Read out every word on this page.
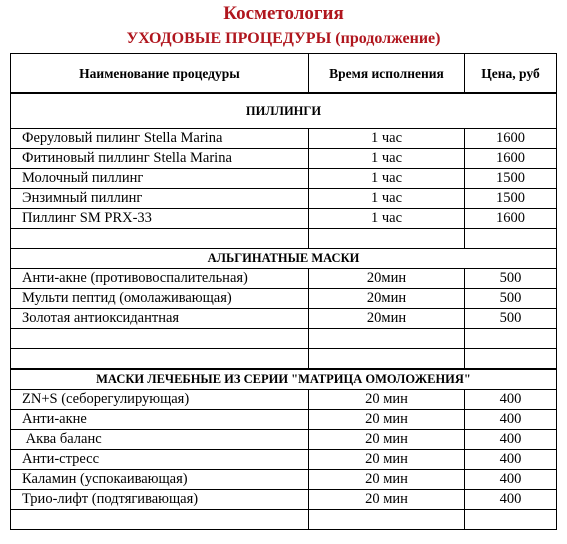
Косметология
УХОДОВЫЕ ПРОЦЕДУРЫ (продолжение)
Наименование процедуры	Время исполнения	Цена, руб
ПИЛЛИНГИ		
Феруловый пилинг Stella Marina	1 час	1600
Фитиновый пиллинг Stella Marina	1 час	1600
Молочный пиллинг	1 час	1500
Энзимный пиллинг	1 час	1500
Пиллинг SM PRX-33	1 час	1600

АЛЬГИНАТНЫЕ МАСКИ		
Анти-акне (противовоспалительная)	20мин	500
Мульти пептид (омолаживающая)	20мин	500
Золотая антиоксидантная	20мин	500

МАСКИ ЛЕЧЕБНЫЕ ИЗ СЕРИИ "МАТРИЦА ОМОЛОЖЕНИЯ"		
ZN+S (себорегулирующая)	20 мин	400
Анти-акне	20 мин	400
Аква баланс	20 мин	400
Анти-стресс	20 мин	400
Каламин (успокаивающая)	20 мин	400
Трио-лифт (подтягивающая)	20 мин	400
